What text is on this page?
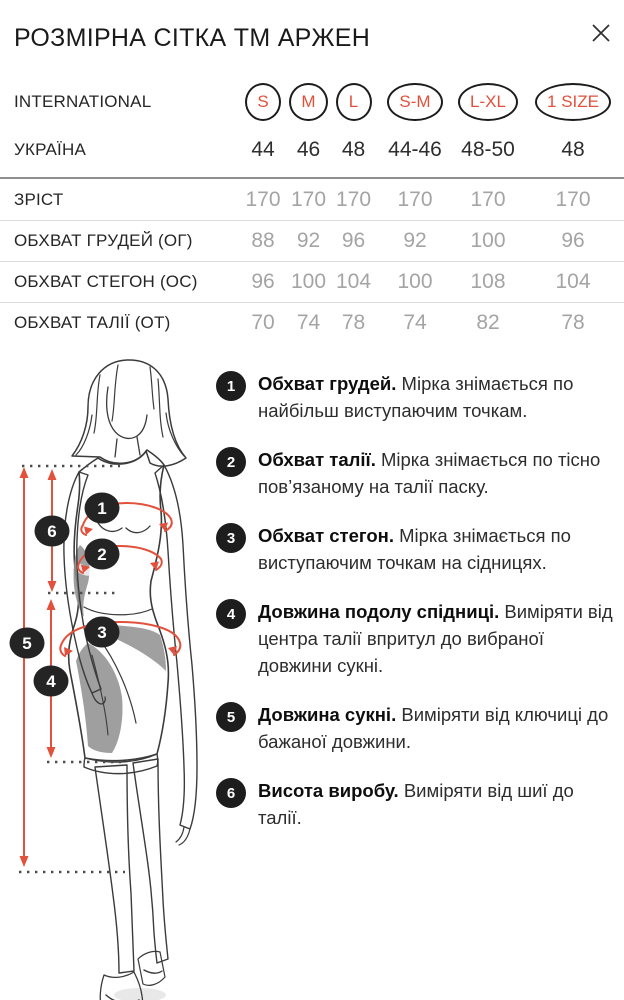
РОЗМІРНА СІТКА ТМ АРЖЕН
INTERNATIONAL	S	M	L	S-M	L-XL	1 SIZE
УКРАЇНА	44 46 48 44-46 48-50 48
ЗРІСТ	170 170 170 170 170 170
ОБХВАТ ГРУДЕЙ (ОГ)	88 92 96 92 100	96
ОБХВАТ СТЕГОН (ОС)	96 100 104 100 108 104
ОБХВАТ ТАЛІЇ (ОТ)	70 74 78 74 82	78
1
2
3
4
5
6
1	Обхват грудей. Мірка знімається по найбільш виступаючим точкам.

2	Обхват талії. Мірка знімається по тісно пов’язаному на талії паску.

3	Обхват стегон. Мірка знімається по виступаючим точкам на сідницях.

4	Довжина подолу спідниці. Виміряти від центра талії впритул до вибраної довжини сукні.

5	Довжина сукні. Виміряти від ключиці до бажаної довжини.

6	Висота виробу. Виміряти від шиї до талії.
